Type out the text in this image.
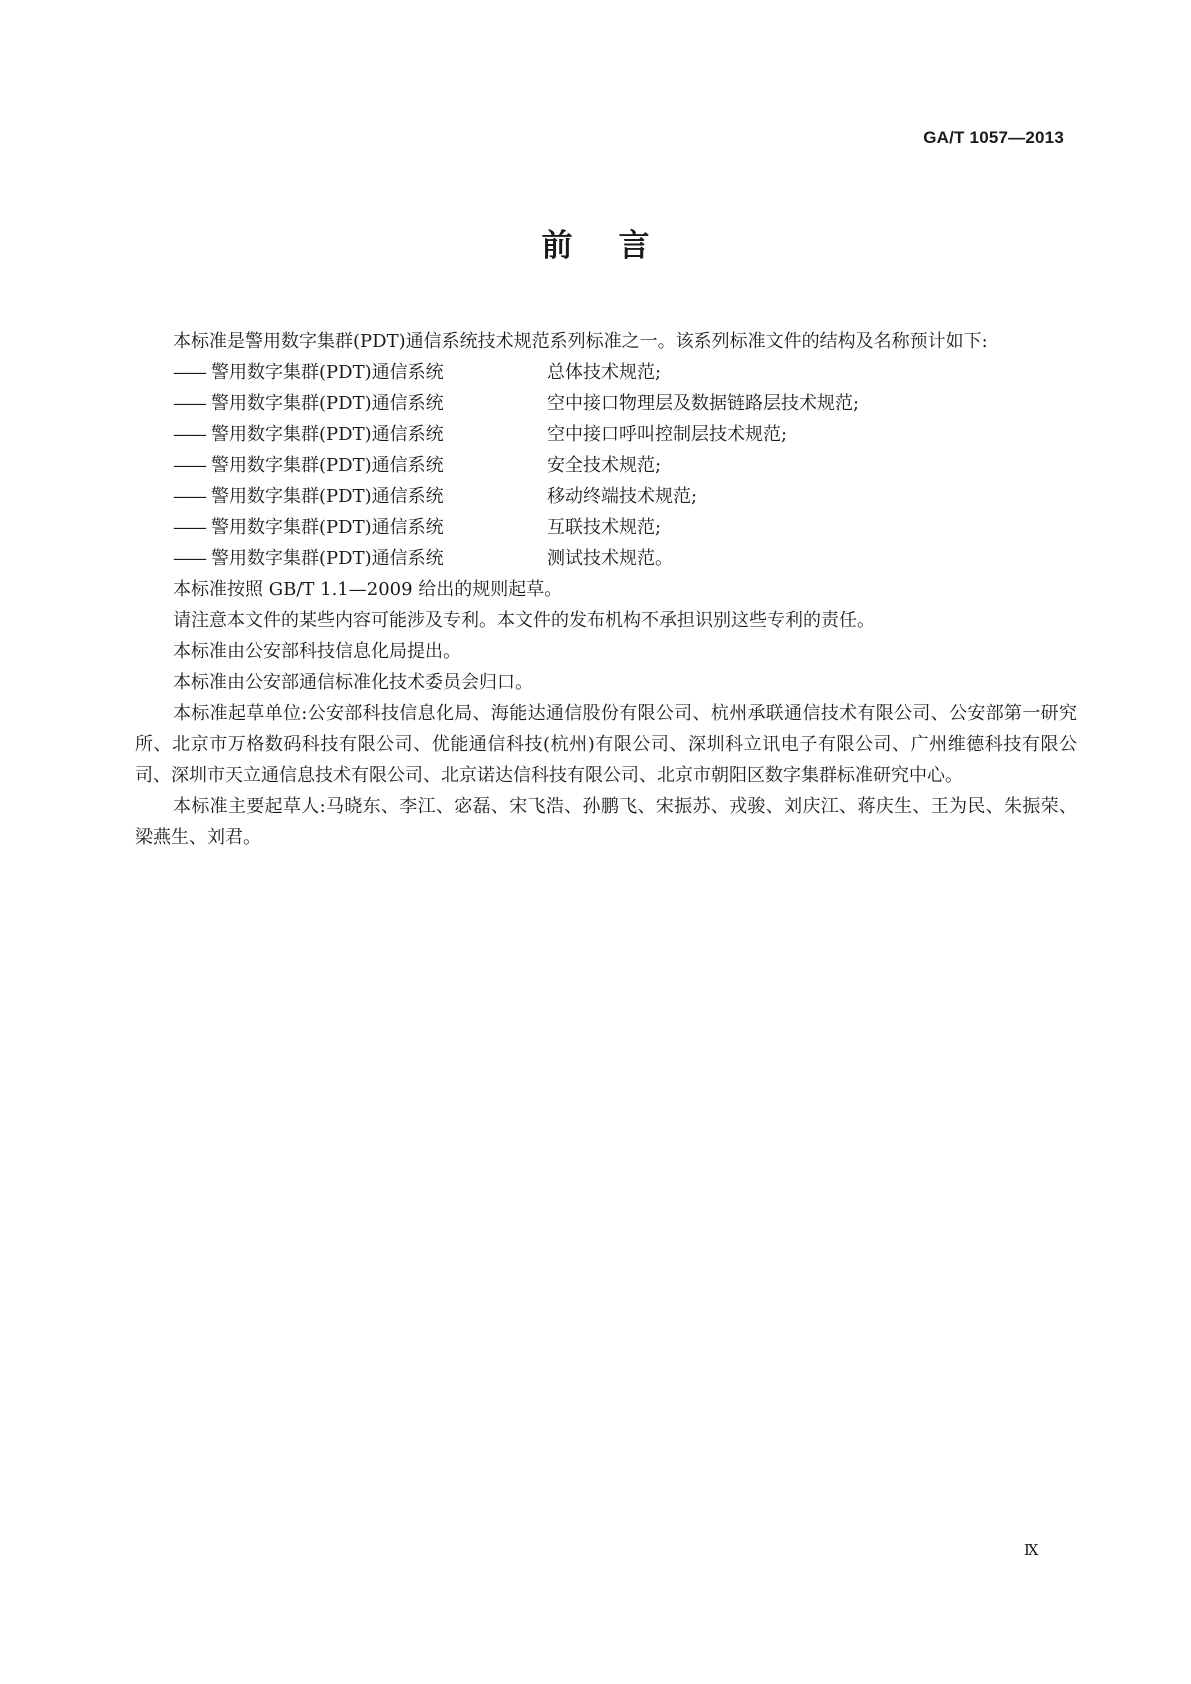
GA/T 1057—2013
前言

本标准是警用数字集群(PDT)通信系统技术规范系列标准之一。该系列标准文件的结构及名称预计如下:

—— 警用数字集群(PDT)通信系统	总体技术规范;
—— 警用数字集群(PDT)通信系统	空中接口物理层及数据链路层技术规范;
—— 警用数字集群(PDT)通信系统	空中接口呼叫控制层技术规范;
—— 警用数字集群(PDT)通信系统	安全技术规范;
—— 警用数字集群(PDT)通信系统	移动终端技术规范;
—— 警用数字集群(PDT)通信系统	互联技术规范;
—— 警用数字集群(PDT)通信系统	测试技术规范。

本标准按照 GB/T 1.1—2009 给出的规则起草。

请注意本文件的某些内容可能涉及专利。本文件的发布机构不承担识别这些专利的责任。

本标准由公安部科技信息化局提出。

本标准由公安部通信标准化技术委员会归口。

本标准起草单位:公安部科技信息化局、海能达通信股份有限公司、杭州承联通信技术有限公司、公安部第一研究所、北京市万格数码科技有限公司、优能通信科技(杭州)有限公司、深圳科立讯电子有限公司、广州维德科技有限公司、深圳市天立通信息技术有限公司、北京诺达信科技有限公司、北京市朝阳区数字集群标准研究中心。

本标准主要起草人:马晓东、李江、宓磊、宋飞浩、孙鹏飞、宋振苏、戎骏、刘庆江、蒋庆生、王为民、朱振荣、梁燕生、刘君。

Ⅸ
